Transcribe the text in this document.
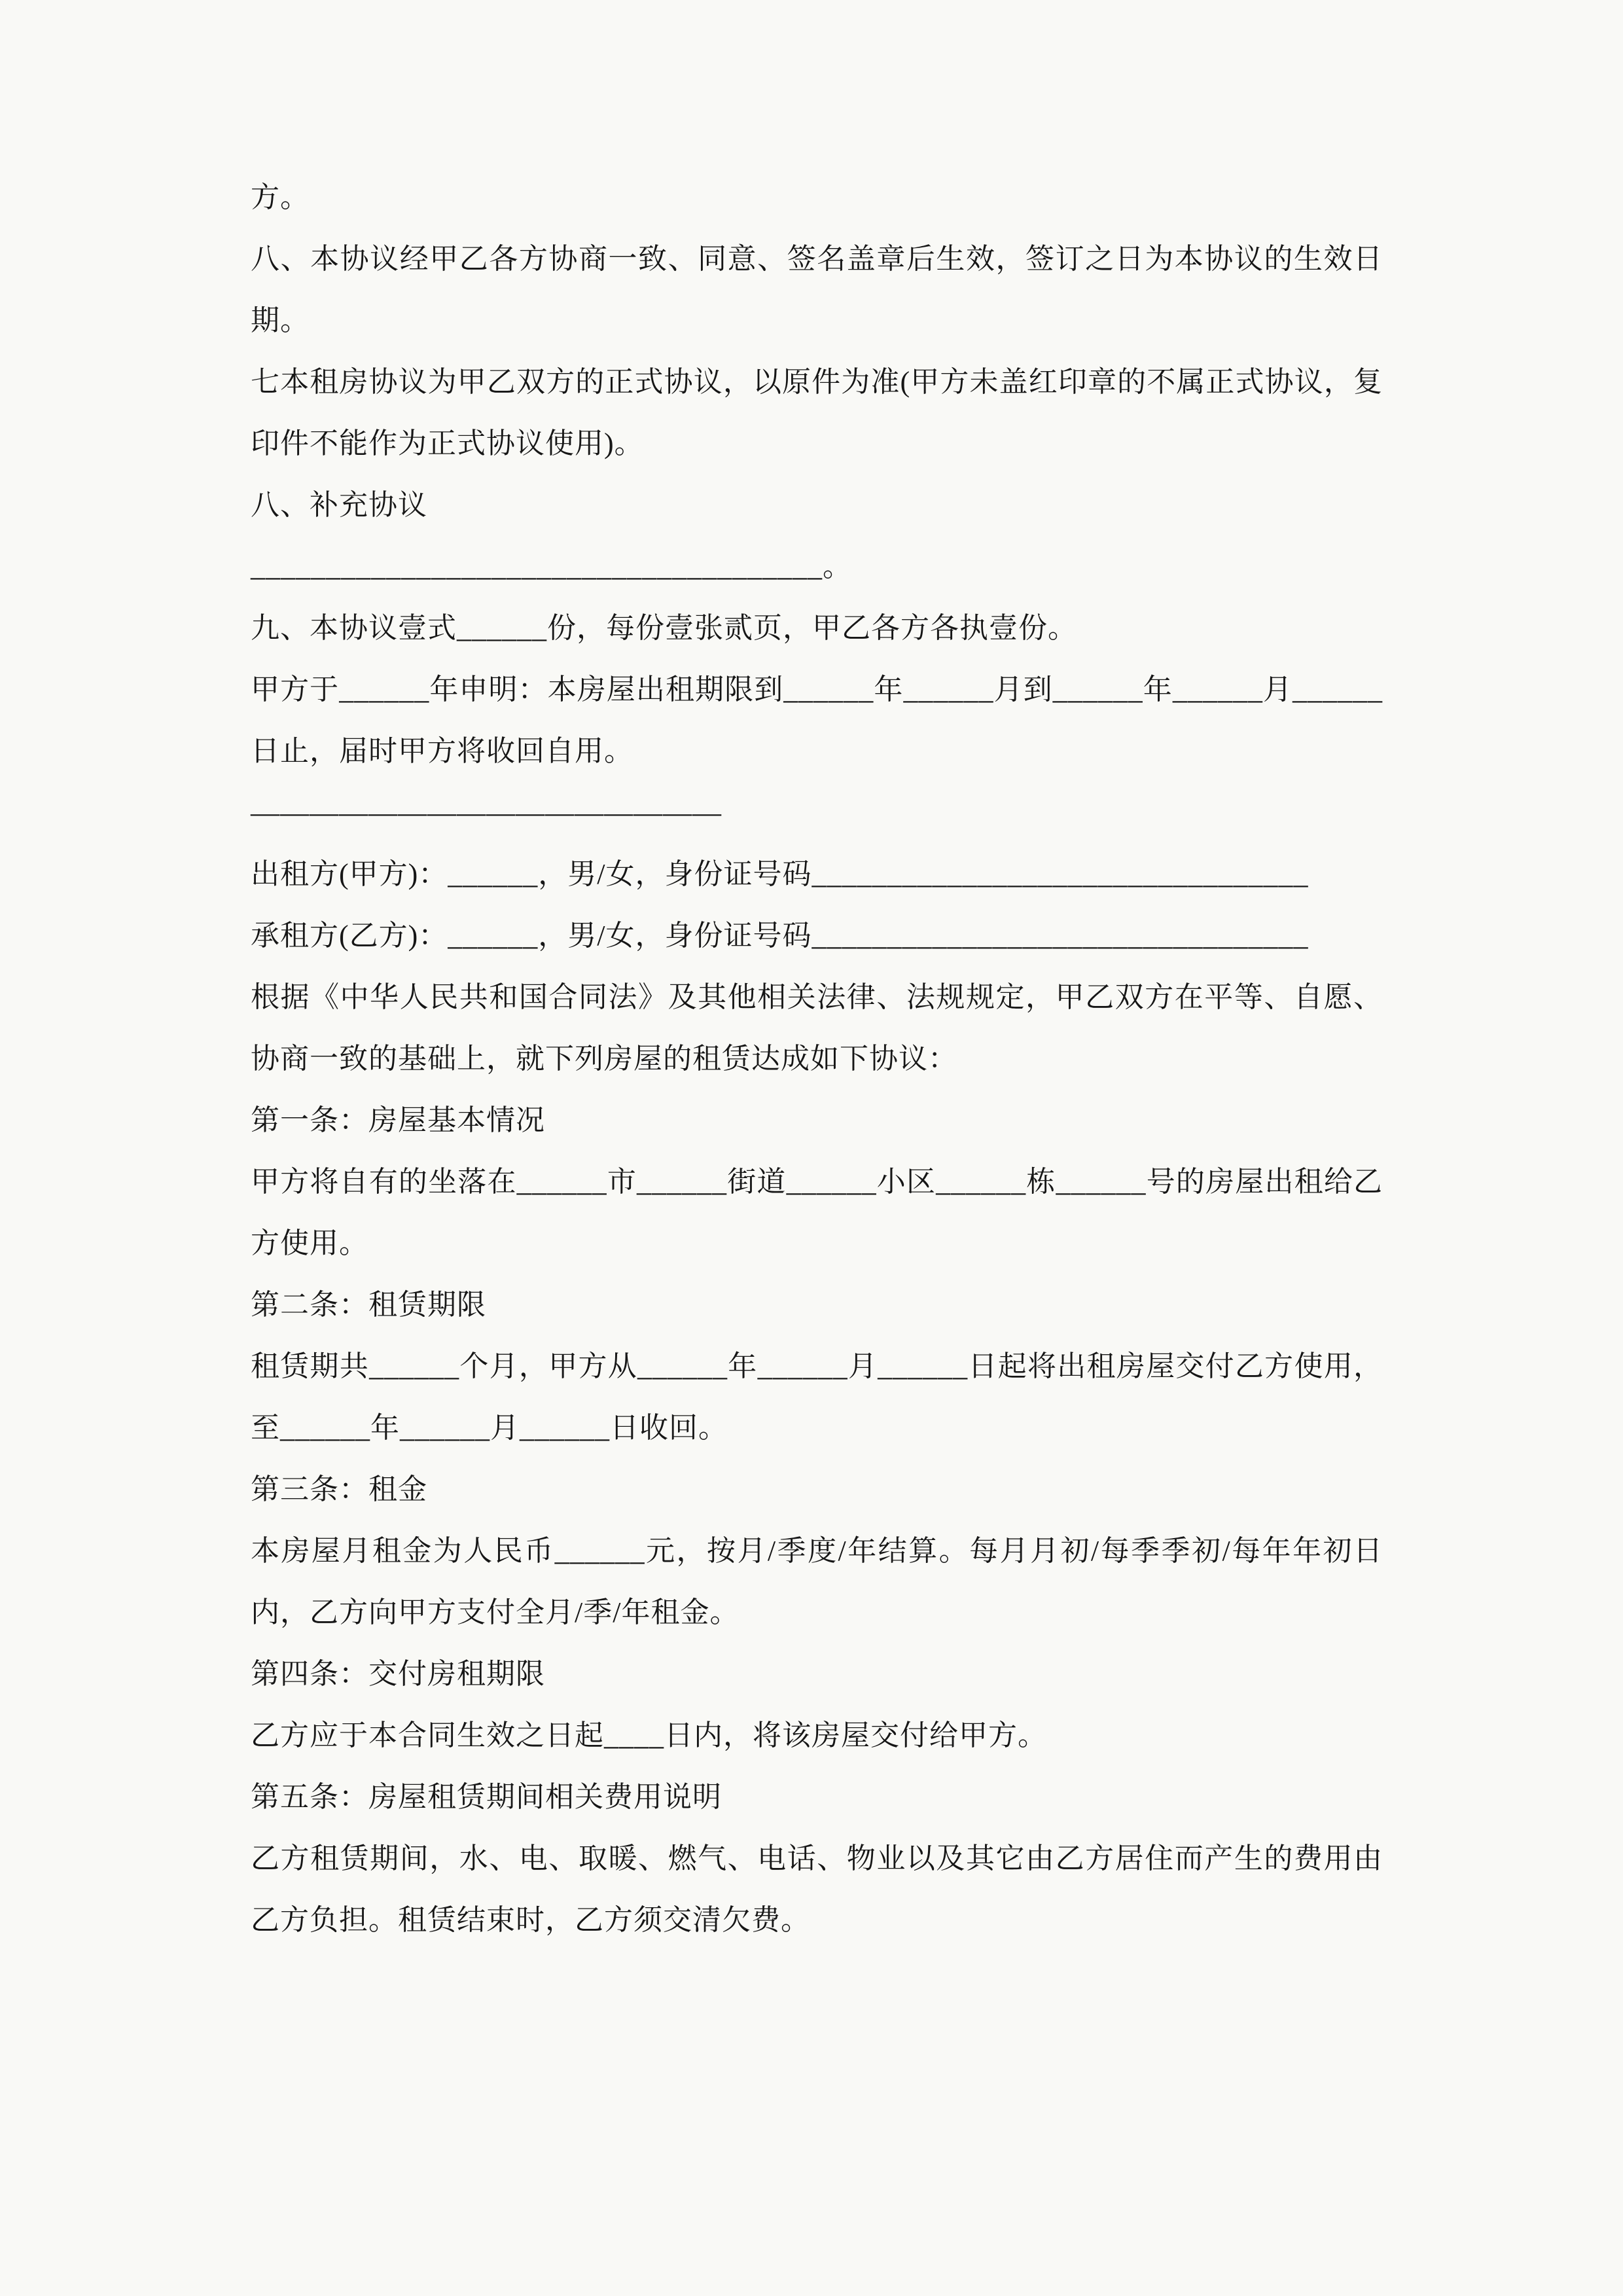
方。

八、本协议经甲乙各方协商一致、同意、签名盖章后生效，签订之日为本协议的生效日期。

七本租房协议为甲乙双方的正式协议，以原件为准(甲方未盖红印章的不属正式协议，复印件不能作为正式协议使用)。

八、补充协议

______________________________________。

九、本协议壹式______份，每份壹张贰页，甲乙各方各执壹份。

甲方于______年申明：本房屋出租期限到______年______月到______年______月______日止，届时甲方将收回自用。

————————————————

出租方(甲方)：______，男/女，身份证号码_________________________________

承租方(乙方)：______，男/女，身份证号码_________________________________

根据《中华人民共和国合同法》及其他相关法律、法规规定，甲乙双方在平等、自愿、协商一致的基础上，就下列房屋的租赁达成如下协议：

第一条：房屋基本情况

甲方将自有的坐落在______市______街道______小区______栋______号的房屋出租给乙方使用。

第二条：租赁期限

租赁期共______个月，甲方从______年______月______日起将出租房屋交付乙方使用，至______年______月______日收回。

第三条：租金

本房屋月租金为人民币______元，按月/季度/年结算。每月月初/每季季初/每年年初日内，乙方向甲方支付全月/季/年租金。

第四条：交付房租期限

乙方应于本合同生效之日起____日内，将该房屋交付给甲方。

第五条：房屋租赁期间相关费用说明

乙方租赁期间，水、电、取暖、燃气、电话、物业以及其它由乙方居住而产生的费用由乙方负担。租赁结束时，乙方须交清欠费。
